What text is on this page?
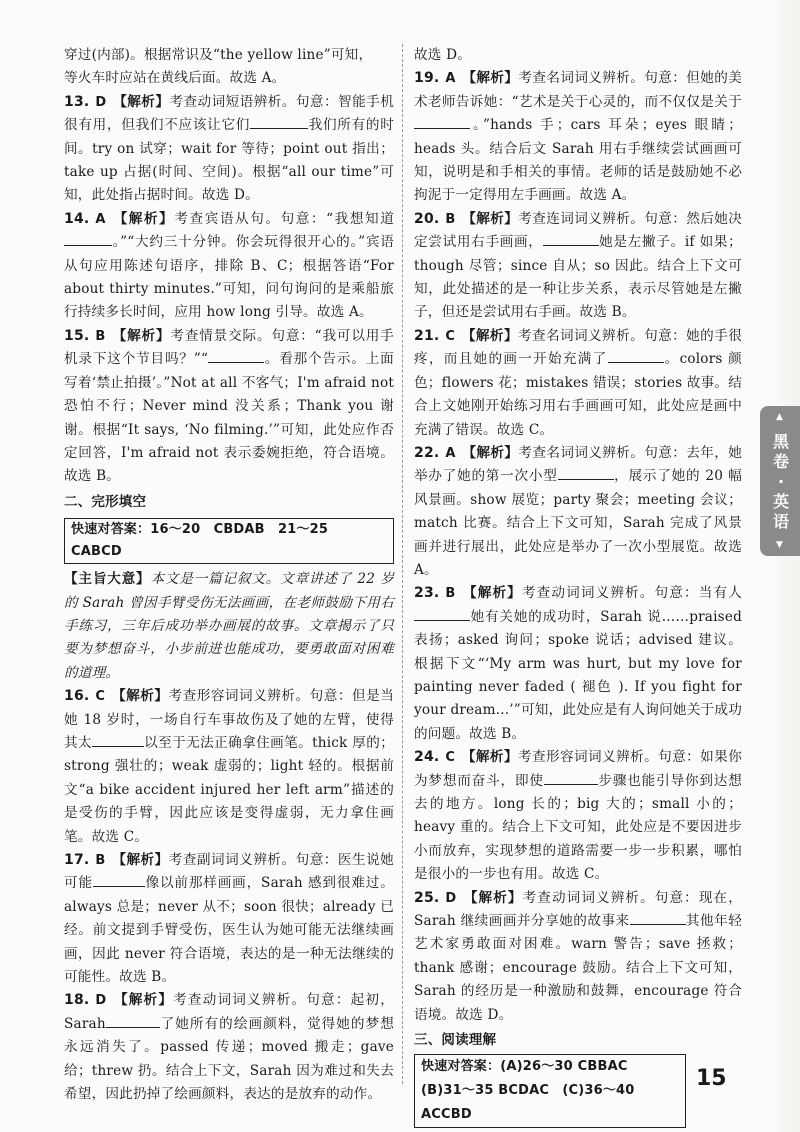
穿过(内部)。根据常识及“the yellow line”可知，

等火车时应站在黄线后面。故选 A。

13. D 【解析】考查动词短语辨析。句意：智能手机很有用，但我们不应该让它们	我们所有的时间。try on 试穿；wait for 等待；point out 指出；take up 占据(时间、空间)。根据“all our time”可知，此处指占据时间。故选 D。
14. A 【解析】考查宾语从句。句意：“我想知道。”“大约三十分钟。你会玩得很开心的。”宾语从句应用陈述句语序，排除 B、C；根据答语“For about thirty minutes.”可知，问句询问的是乘船旅行持续多长时间，应用 how long 引导。故选 A。
15. B 【解析】考查情景交际。句意：“我可以用手机录下这个节目吗？”“	。看那个告示。上面写着‘禁止拍摄’。”Not at all 不客气；I'm afraid not 恐怕不行；Never mind 没关系；Thank you 谢谢。根据“It says, ‘No filming.’”可知，此处应作否定回答，I'm afraid not 表示委婉拒绝，符合语境。故选 B。
二、完形填空
快速对答案：16～20　CBDAB　21～25　CABCD
【主旨大意】本文是一篇记叙文。文章讲述了 22 岁的 Sarah 曾因手臂受伤无法画画，在老师鼓励下用右手练习，三年后成功举办画展的故事。文章揭示了只要为梦想奋斗，小步前进也能成功，要勇敢面对困难的道理。
16. C 【解析】考查形容词词义辨析。句意：但是当她 18 岁时，一场自行车事故伤及了她的左臂，使得其太	以至于无法正确拿住画笔。thick 厚的；strong 强壮的；weak 虚弱的；light 轻的。根据前文“a bike accident injured her left arm”描述的是受伤的手臂，因此应该是变得虚弱，无力拿住画笔。故选 C。
17. B 【解析】考查副词词义辨析。句意：医生说她可能	像以前那样画画，Sarah 感到很难过。always 总是；never 从不；soon 很快；already 已经。前文提到手臂受伤，医生认为她可能无法继续画画，因此 never 符合语境，表达的是一种无法继续的可能性。故选 B。
18. D 【解析】考查动词词义辨析。句意：起初，Sarah	了她所有的绘画颜料，觉得她的梦想永远消失了。passed 传递；moved 搬走；gave 给；threw 扔。结合上下文，Sarah 因为难过和失去希望，因此扔掉了绘画颜料，表达的是放弃的动作。

故选 D。

19. A 【解析】考查名词词义辨析。句意：但她的美术老师告诉她：“艺术是关于心灵的，而不仅仅是关于。”hands 手；cars 耳朵；eyes 眼睛；heads 头。结合后文 Sarah 用右手继续尝试画画可知，说明是和手相关的事情。老师的话是鼓励她不必拘泥于一定得用左手画画。故选 A。
20. B 【解析】考查连词词义辨析。句意：然后她决定尝试用右手画画，	她是左撇子。if 如果；though 尽管；since 自从；so 因此。结合上下文可知，此处描述的是一种让步关系，表示尽管她是左撇子，但还是尝试用右手画。故选 B。
21. C 【解析】考查名词词义辨析。句意：她的手很疼，而且她的画一开始充满了	。colors 颜色；flowers 花；mistakes 错误；stories 故事。结合上文她刚开始练习用右手画画可知，此处应是画中充满了错误。故选 C。
22. A 【解析】考查名词词义辨析。句意：去年，她举办了她的第一次小型	，展示了她的 20 幅风景画。show 展览；party 聚会；meeting 会议；match 比赛。结合上下文可知，Sarah 完成了风景画并进行展出，此处应是举办了一次小型展览。故选 A。
23. B 【解析】考查动词词义辨析。句意：当有人她有关她的成功时，Sarah 说……praised 表扬；asked 询问；spoke 说话；advised 建议。根据下文“‘My arm was hurt, but my love for painting never faded ( 褪色 ). If you fight for your dream...’”可知，此处应是有人询问她关于成功的问题。故选 B。
24. C 【解析】考查形容词词义辨析。句意：如果你为梦想而奋斗，即使	步骤也能引导你到达想去的地方。long 长的；big 大的；small 小的；heavy 重的。结合上下文可知，此处应是不要因进步小而放弃，实现梦想的道路需要一步一步积累，哪怕是很小的一步也有用。故选 C。
25. D 【解析】考查动词词义辨析。句意：现在，Sarah 继续画画并分享她的故事来	其他年轻艺术家勇敢面对困难。warn 警告；save 拯救；thank 感谢；encourage 鼓励。结合上下文可知，Sarah 的经历是一种激励和鼓舞，encourage 符合语境。故选 D。
三、阅读理解
快速对答案：(A)26～30 CBBAC
(B)31～35 BCDAC　(C)36～40 ACCBD
▲
黑卷·英语
▼
15
